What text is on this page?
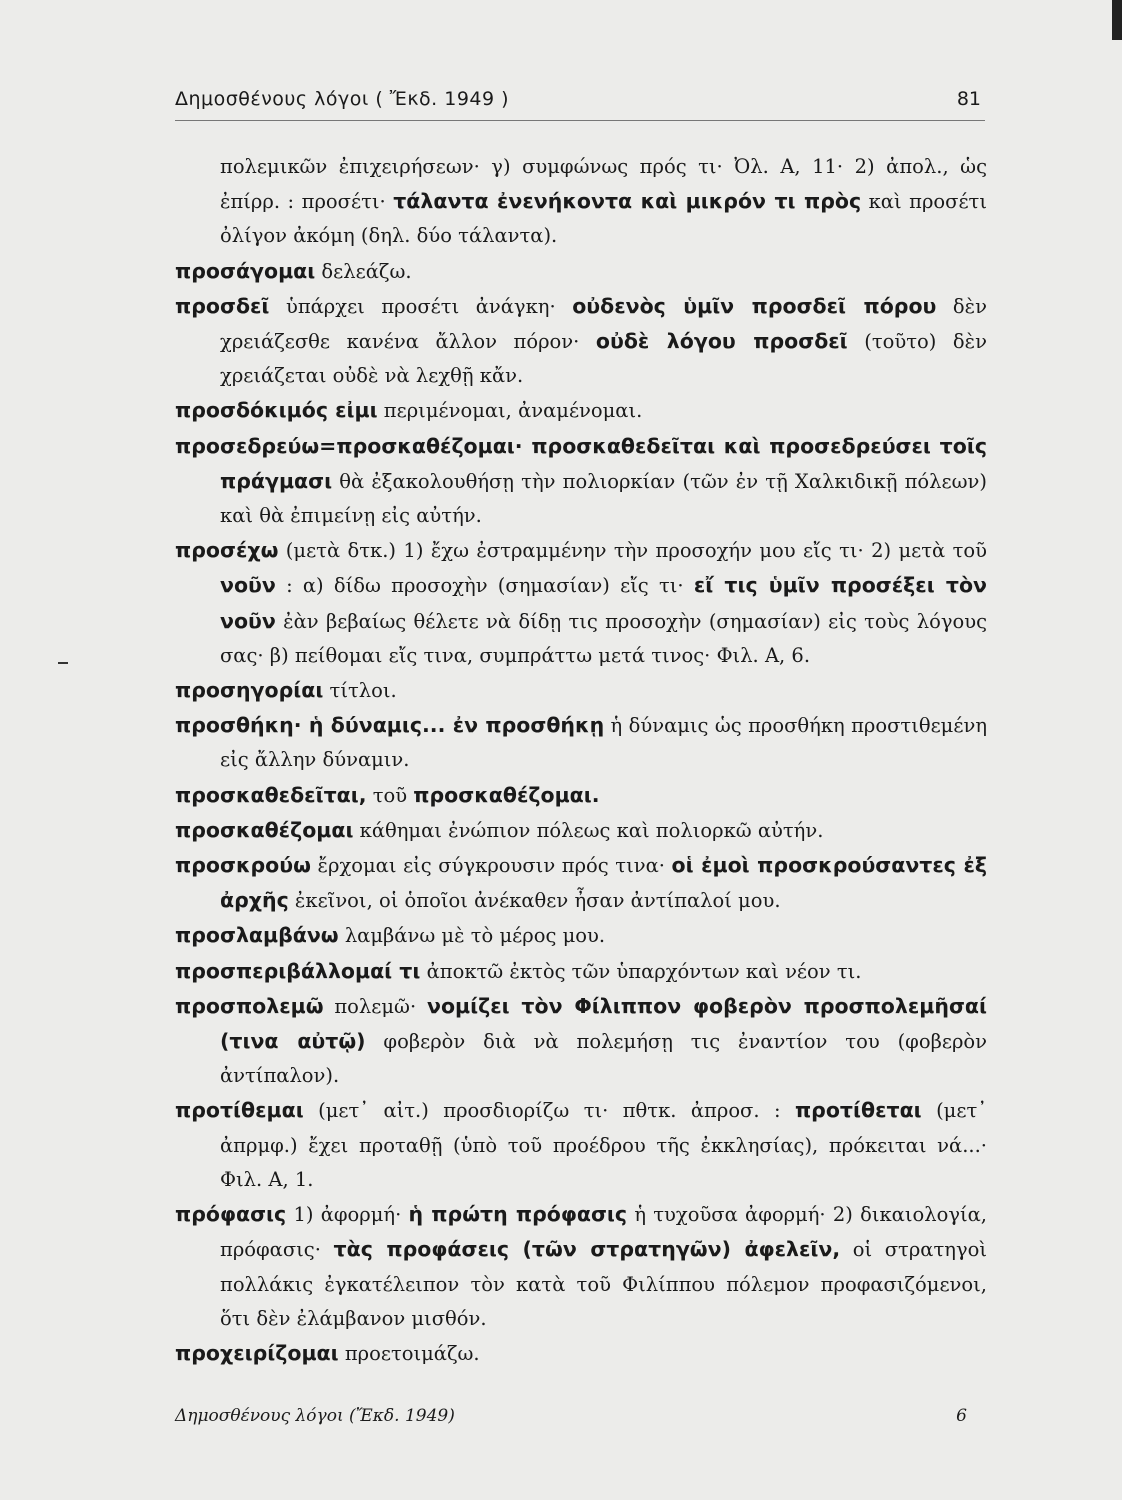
Δημοσθένους λόγοι ( Ἔκδ. 1949 )	81

πολεμικῶν ἐπιχειρήσεων· γ) συμφώνως πρός τι· Ὀλ. Α, 11· 2) ἀπολ., ὡς ἐπίρρ. : προσέτι· τάλαντα ἐνενήκοντα καὶ μικρόν τι πρὸς καὶ προσέτι ὀλίγον ἀκόμη (δηλ. δύο τάλαντα).

προσάγομαι δελεάζω.

προσδεῖ ὑπάρχει προσέτι ἀνάγκη· οὐδενὸς ὑμῖν προσδεῖ πόρου δὲν χρειάζεσθε κανένα ἄλλον πόρον· οὐδὲ λόγου προσδεῖ (τοῦτο) δὲν χρειάζεται οὐδὲ νὰ λεχθῇ κἄν.

προσδόκιμός εἰμι περιμένομαι, ἀναμένομαι.

προσεδρεύω=προσκαθέζομαι· προσκαθεδεῖται καὶ προσεδρεύσει τοῖς πράγμασι θὰ ἐξακολουθήσῃ τὴν πολιορκίαν (τῶν ἐν τῇ Χαλκιδικῇ πόλεων) καὶ θὰ ἐπιμείνῃ εἰς αὐτήν.

προσέχω (μετὰ δτκ.) 1) ἔχω ἐστραμμένην τὴν προσοχήν μου εἴς τι· 2) μετὰ τοῦ νοῦν : α) δίδω προσοχὴν (σημασίαν) εἴς τι· εἴ τις ὑμῖν προσέξει τὸν νοῦν ἐὰν βεβαίως θέλετε νὰ δίδῃ τις προσοχὴν (σημασίαν) εἰς τοὺς λόγους σας· β) πείθομαι εἴς τινα, συμπράττω μετά τινος· Φιλ. Α, 6.

προσηγορίαι τίτλοι.

προσθήκη· ἡ δύναμις... ἐν προσθήκῃ ἡ δύναμις ὡς προσθήκη προστιθεμένη εἰς ἄλλην δύναμιν.

προσκαθεδεῖται, τοῦ προσκαθέζομαι.

προσκαθέζομαι κάθημαι ἐνώπιον πόλεως καὶ πολιορκῶ αὐτήν.

προσκρούω ἔρχομαι εἰς σύγκρουσιν πρός τινα· οἱ ἐμοὶ προσκρούσαντες ἐξ ἀρχῆς ἐκεῖνοι, οἱ ὁποῖοι ἀνέκαθεν ἦσαν ἀντίπαλοί μου.

προσλαμβάνω λαμβάνω μὲ τὸ μέρος μου.

προσπεριβάλλομαί τι ἀποκτῶ ἐκτὸς τῶν ὑπαρχόντων καὶ νέον τι.

προσπολεμῶ πολεμῶ· νομίζει τὸν Φίλιππον φοβερὸν προσπολεμῆσαί (τινα αὐτῷ) φοβερὸν διὰ νὰ πολεμήσῃ τις ἐναντίον του (φοβερὸν ἀντίπαλον).

προτίθεμαι (μετ᾽ αἰτ.) προσδιορίζω τι· πθτκ. ἀπροσ. : προτίθεται (μετ᾽ ἀπρμφ.) ἔχει προταθῇ (ὑπὸ τοῦ προέδρου τῆς ἐκκλησίας), πρόκειται νά...· Φιλ. Α, 1.

πρόφασις 1) ἀφορμή· ἡ πρώτη πρόφασις ἡ τυχοῦσα ἀφορμή· 2) δικαιολογία, πρόφασις· τὰς προφάσεις (τῶν στρατηγῶν) ἀφελεῖν, οἱ στρατηγοὶ πολλάκις ἐγκατέλειπον τὸν κατὰ τοῦ Φιλίππου πόλεμον προφασιζόμενοι, ὅτι δὲν ἐλάμβανον μισθόν.

προχειρίζομαι προετοιμάζω.

Δημοσθένους λόγοι (Ἔκδ. 1949)	6
